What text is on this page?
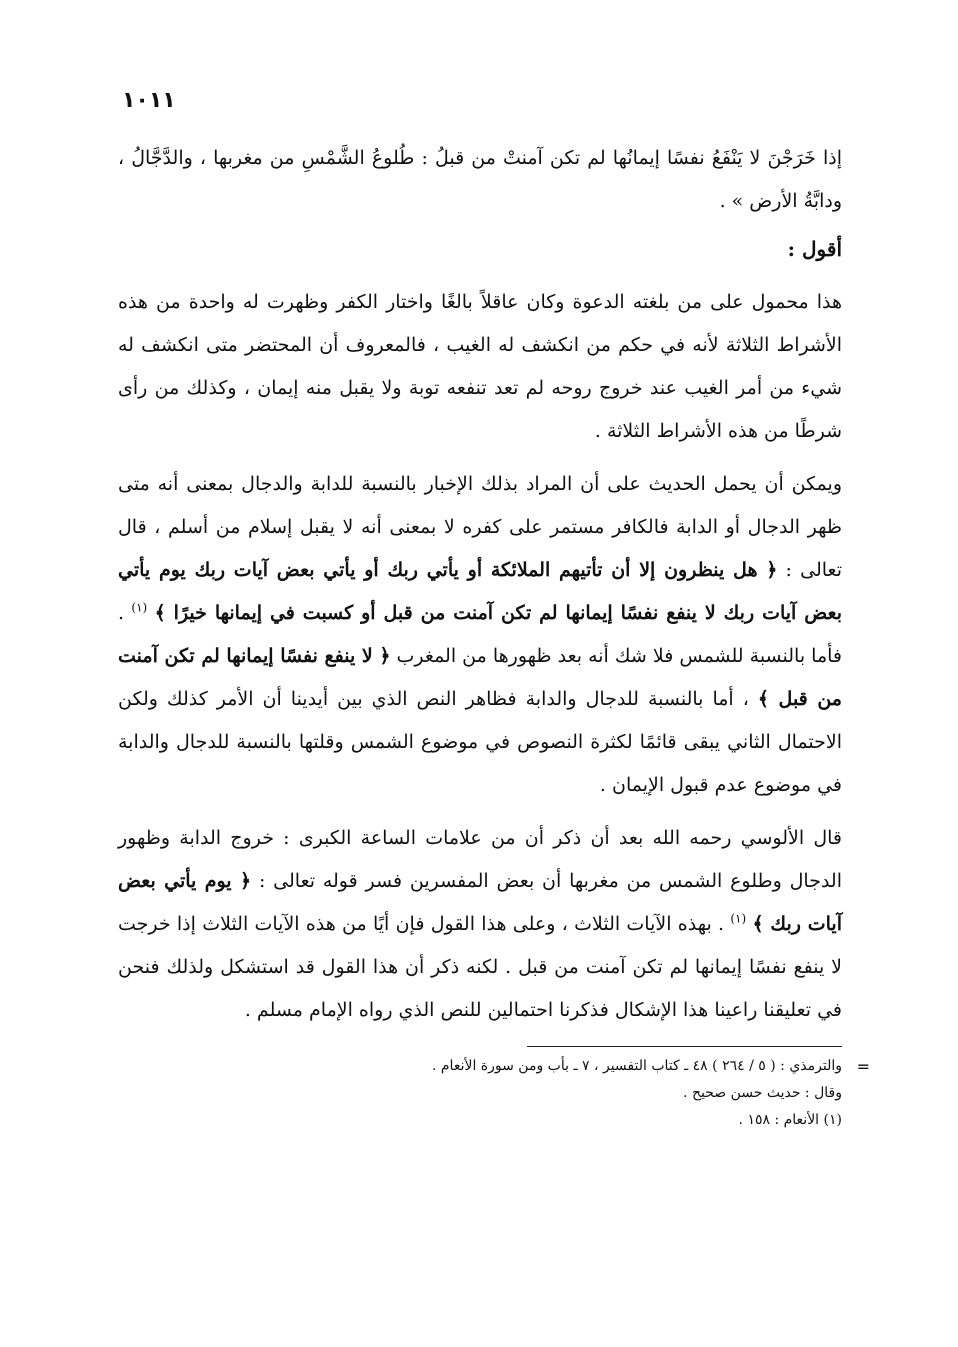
١٠١١

إذا خَرَجْنَ لا يَنْفَعُ نفسًا إيمانُها لم تكن آمنتْ من قبلُ : طُلوعُ الشَّمْسِ من مغربها ، والدَّجَّالُ ، ودابَّةُ الأرض » .

أقول :

هذا محمول على من بلغته الدعوة وكان عاقلاً بالغًا واختار الكفر وظهرت له واحدة من هذه الأشراط الثلاثة لأنه في حكم من انكشف له الغيب ، فالمعروف أن المحتضر متى انكشف له شيء من أمر الغيب عند خروج روحه لم تعد تنفعه توبة ولا يقبل منه إيمان ، وكذلك من رأى شرطًا من هذه الأشراط الثلاثة .

ويمكن أن يحمل الحديث على أن المراد بذلك الإخبار بالنسبة للدابة والدجال بمعنى أنه متى ظهر الدجال أو الدابة فالكافر مستمر على كفره لا بمعنى أنه لا يقبل إسلام من أسلم ، قال تعالى : ﴿ هل ينظرون إلا أن تأتيهم الملائكة أو يأتي ربك أو يأتي بعض آيات ربك يوم يأتي بعض آيات ربك لا ينفع نفسًا إيمانها لم تكن آمنت من قبل أو كسبت في إيمانها خيرًا ﴾ $^{(١)}$ . فأما بالنسبة للشمس فلا شك أنه بعد ظهورها من المغرب ﴿ لا ينفع نفسًا إيمانها لم تكن آمنت من قبل ﴾ ، أما بالنسبة للدجال والدابة فظاهر النص الذي بين أيدينا أن الأمر كذلك ولكن الاحتمال الثاني يبقى قائمًا لكثرة النصوص في موضوع الشمس وقلتها بالنسبة للدجال والدابة في موضوع عدم قبول الإيمان .

قال الألوسي رحمه الله بعد أن ذكر أن من علامات الساعة الكبرى : خروج الدابة وظهور الدجال وطلوع الشمس من مغربها أن بعض المفسرين فسر قوله تعالى : ﴿ يوم يأتي بعض آيات ربك ﴾ $^{(١)}$ . بهذه الآيات الثلاث ، وعلى هذا القول فإن أيًا من هذه الآيات الثلاث إذا خرجت لا ينفع نفسًا إيمانها لم تكن آمنت من قبل . لكنه ذكر أن هذا القول قد استشكل ولذلك فنحن في تعليقنا راعينا هذا الإشكال فذكرنا احتمالين للنص الذي رواه الإمام مسلم .

=
والترمذي : ( ٥ / ٢٦٤ ) ٤٨ ـ كتاب التفسير ، ٧ ـ بأب ومن سورة الأنعام .
وقال : حديث حسن صحيح .
(١) الأنعام : ١٥٨ .
